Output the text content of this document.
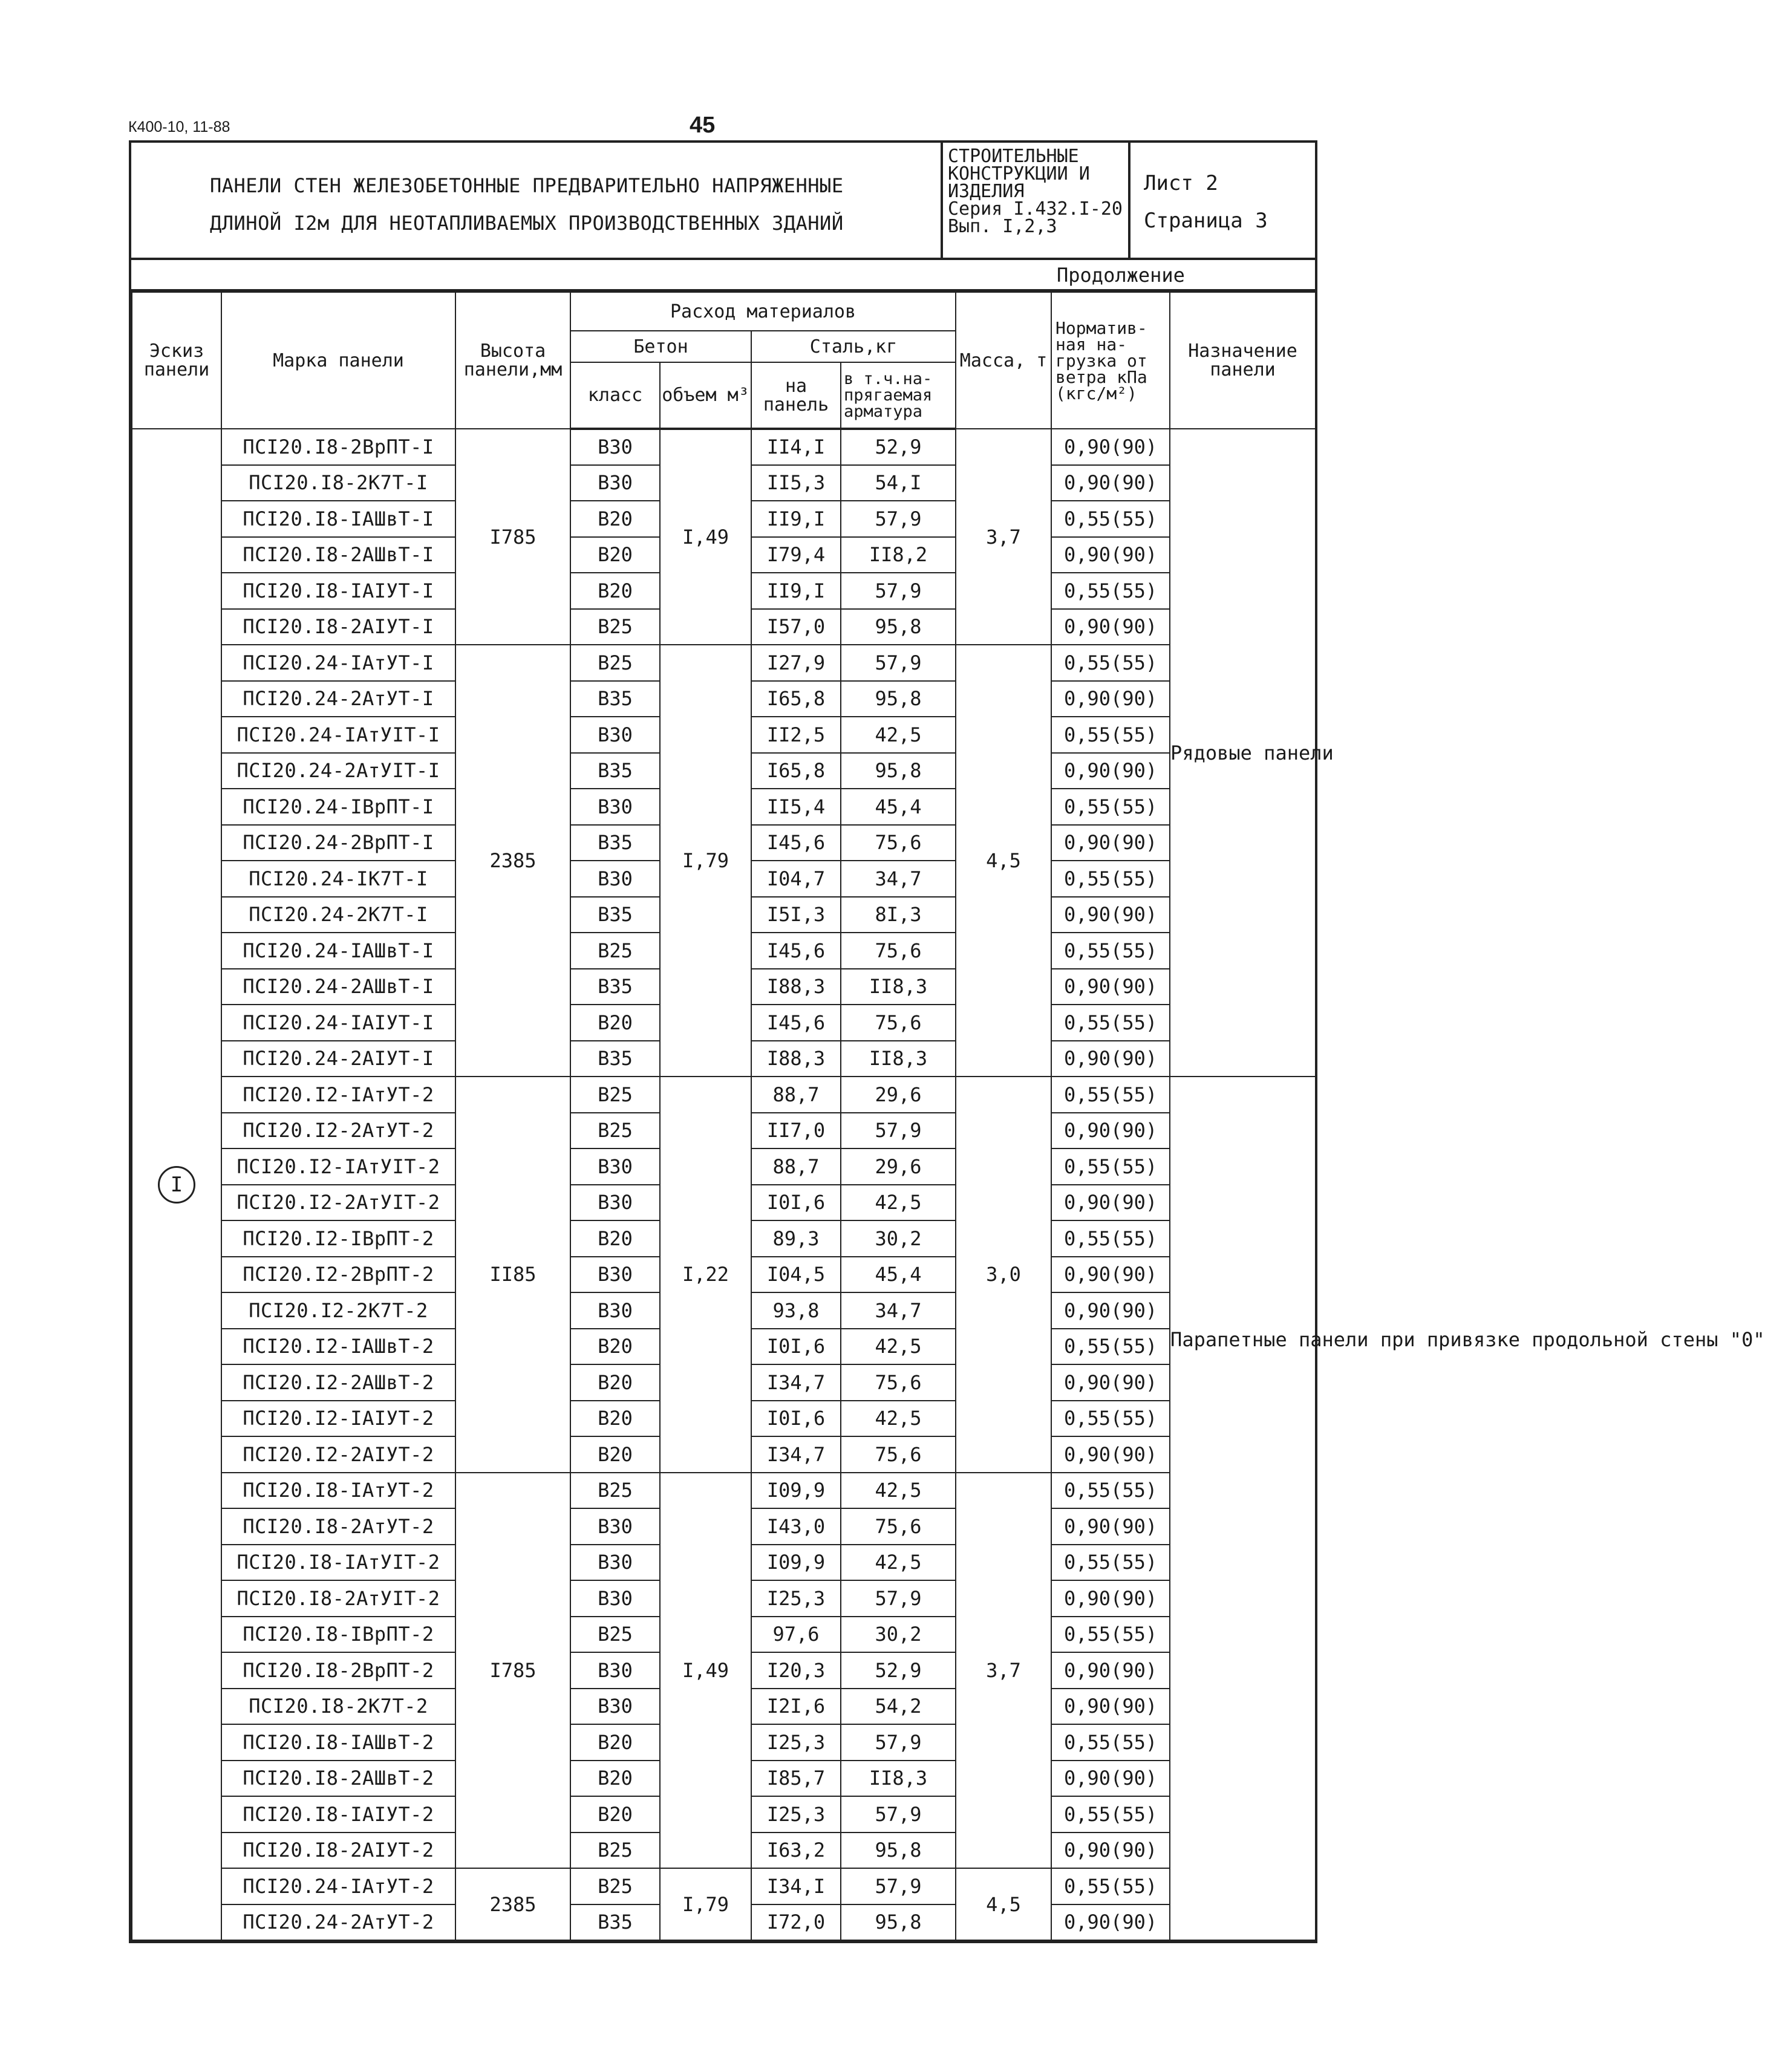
К400-10, 11-88	45
ПАНЕЛИ СТЕН ЖЕЛЕЗОБЕТОННЫЕ ПРЕДВАРИТЕЛЬНО НАПРЯЖЕННЫЕ
ДЛИНОЙ I2м ДЛЯ НЕОТАПЛИВАЕМЫХ ПРОИЗВОДСТВЕННЫХ ЗДАНИЙ
СТРОИТЕЛЬНЫЕ
КОНСТРУКЦИИ И
ИЗДЕЛИЯ
Серия I.432.I-20
Вып. I,2,3
Лист 2
Страница 3
Продолжение
Эскиз панели	Марка панели	Высота панели,мм	Расход материалов				Масса, т	Норматив-ная на-грузка от ветра кПа (кгс/м²)	Назначение панели
			Бетон		Сталь,кг				
			класс	объем м³	на панель	в т.ч.на-прягаемая арматура			
I	ПСI20.I8-2ВрПТ-I	I785	В30	I,49	II4,I	52,9	3,7	0,90(90)	Рядовые панели
	ПСI20.I8-2К7Т-I		В30		II5,3	54,I		0,90(90)	
	ПСI20.I8-IАШвТ-I		В20		II9,I	57,9		0,55(55)	
	ПСI20.I8-2АШвТ-I		В20		I79,4	II8,2		0,90(90)	
	ПСI20.I8-IАIУТ-I		В20		II9,I	57,9		0,55(55)	
	ПСI20.I8-2АIУТ-I		В25		I57,0	95,8		0,90(90)	
	ПСI20.24-IАтУТ-I	2385	В25	I,79	I27,9	57,9	4,5	0,55(55)	
	ПСI20.24-2АтУТ-I		В35		I65,8	95,8		0,90(90)	
	ПСI20.24-IАтУIТ-I		В30		II2,5	42,5		0,55(55)	
	ПСI20.24-2АтУIТ-I		В35		I65,8	95,8		0,90(90)	
	ПСI20.24-IВрПТ-I		В30		II5,4	45,4		0,55(55)	
	ПСI20.24-2ВрПТ-I		В35		I45,6	75,6		0,90(90)	
	ПСI20.24-IК7Т-I		В30		I04,7	34,7		0,55(55)	
	ПСI20.24-2К7Т-I		В35		I5I,3	8I,3		0,90(90)	
	ПСI20.24-IАШвТ-I		В25		I45,6	75,6		0,55(55)	
	ПСI20.24-2АШвТ-I		В35		I88,3	II8,3		0,90(90)	
	ПСI20.24-IАIУТ-I		В20		I45,6	75,6		0,55(55)	
	ПСI20.24-2АIУТ-I		В35		I88,3	II8,3		0,90(90)	
	ПСI20.I2-IАтУТ-2	II85	В25	I,22	88,7	29,6	3,0	0,55(55)	Парапетные панели при привязке продольной стены "0"
	ПСI20.I2-2АтУТ-2		В25		II7,0	57,9		0,90(90)	
	ПСI20.I2-IАтУIТ-2		В30		88,7	29,6		0,55(55)	
	ПСI20.I2-2АтУIТ-2		В30		I0I,6	42,5		0,90(90)	
	ПСI20.I2-IВрПТ-2		В20		89,3	30,2		0,55(55)	
	ПСI20.I2-2ВрПТ-2		В30		I04,5	45,4		0,90(90)	
	ПСI20.I2-2К7Т-2		В30		93,8	34,7		0,90(90)	
	ПСI20.I2-IАШвТ-2		В20		I0I,6	42,5		0,55(55)	
	ПСI20.I2-2АШвТ-2		В20		I34,7	75,6		0,90(90)	
	ПСI20.I2-IАIУТ-2		В20		I0I,6	42,5		0,55(55)	
	ПСI20.I2-2АIУТ-2		В20		I34,7	75,6		0,90(90)	
	ПСI20.I8-IАтУТ-2	I785	В25	I,49	I09,9	42,5	3,7	0,55(55)	
	ПСI20.I8-2АтУТ-2		В30		I43,0	75,6		0,90(90)	
	ПСI20.I8-IАтУIТ-2		В30		I09,9	42,5		0,55(55)	
	ПСI20.I8-2АтУIТ-2		В30		I25,3	57,9		0,90(90)	
	ПСI20.I8-IВрПТ-2		В25		97,6	30,2		0,55(55)	
	ПСI20.I8-2ВрПТ-2		В30		I20,3	52,9		0,90(90)	
	ПСI20.I8-2К7Т-2		В30		I2I,6	54,2		0,90(90)	
	ПСI20.I8-IАШвТ-2		В20		I25,3	57,9		0,55(55)	
	ПСI20.I8-2АШвТ-2		В20		I85,7	II8,3		0,90(90)	
	ПСI20.I8-IАIУТ-2		В20		I25,3	57,9		0,55(55)	
	ПСI20.I8-2АIУТ-2		В25		I63,2	95,8		0,90(90)	
	ПСI20.24-IАтУТ-2	2385	В25	I,79	I34,I	57,9	4,5	0,55(55)	
	ПСI20.24-2АтУТ-2		В35		I72,0	95,8		0,90(90)	
